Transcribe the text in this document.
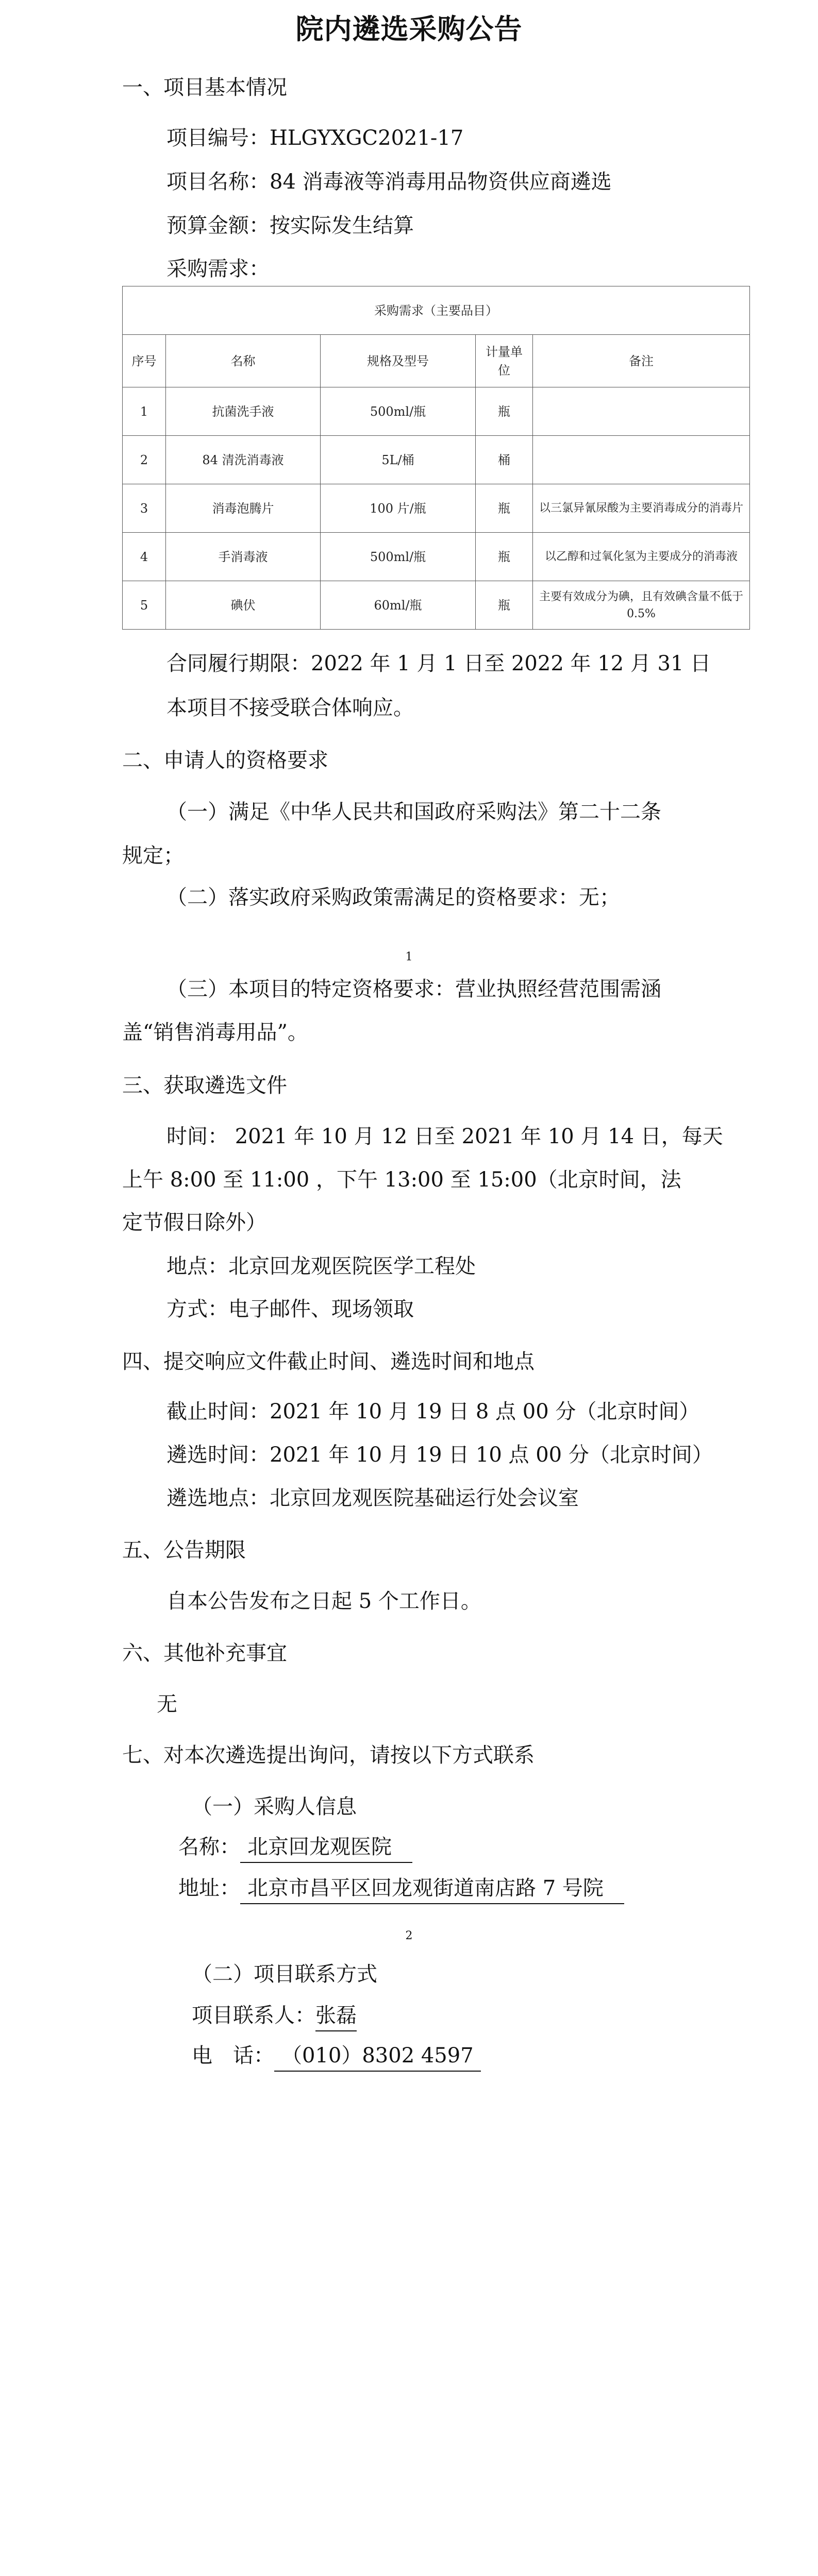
院内遴选采购公告
一、项目基本情况
项目编号：HLGYXGC2021-17
项目名称：84 消毒液等消毒用品物资供应商遴选
预算金额：按实际发生结算
采购需求：
采购需求（主要品目）				
序号	名称	规格及型号	计量单位	备注
1	抗菌洗手液	500ml/瓶	瓶	
2	84 清洗消毒液	5L/桶	桶	
3	消毒泡腾片	100 片/瓶	瓶	以三氯异氰尿酸为主要消毒成分的消毒片
4	手消毒液	500ml/瓶	瓶	以乙醇和过氧化氢为主要成分的消毒液
5	碘伏	60ml/瓶	瓶	主要有效成分为碘，且有效碘含量不低于 0.5%
合同履行期限：2022 年 1 月 1 日至 2022 年 12 月 31 日
本项目不接受联合体响应。
二、申请人的资格要求
（一）满足《中华人民共和国政府采购法》第二十二条
规定；
（二）落实政府采购政策需满足的资格要求：无；
1
（三）本项目的特定资格要求：营业执照经营范围需涵
盖“销售消毒用品”。
三、获取遴选文件
时间： 2021 年 10 月 12 日至 2021 年 10 月 14 日，每天
上午 8:00 至 11:00 ，下午 13:00 至 15:00（北京时间，法
定节假日除外）
地点：北京回龙观医院医学工程处
方式：电子邮件、现场领取
四、提交响应文件截止时间、遴选时间和地点
截止时间：2021 年 10 月 19 日 8 点 00 分（北京时间）
遴选时间：2021 年 10 月 19 日 10 点 00 分（北京时间）
遴选地点：北京回龙观医院基础运行处会议室
五、公告期限
自本公告发布之日起 5 个工作日。
六、其他补充事宜
无
七、对本次遴选提出询问，请按以下方式联系
（一）采购人信息
名称： 北京回龙观医院
地址： 北京市昌平区回龙观街道南店路 7 号院
2
（二）项目联系方式
项目联系人：张磊
电　话： （010）8302 4597
